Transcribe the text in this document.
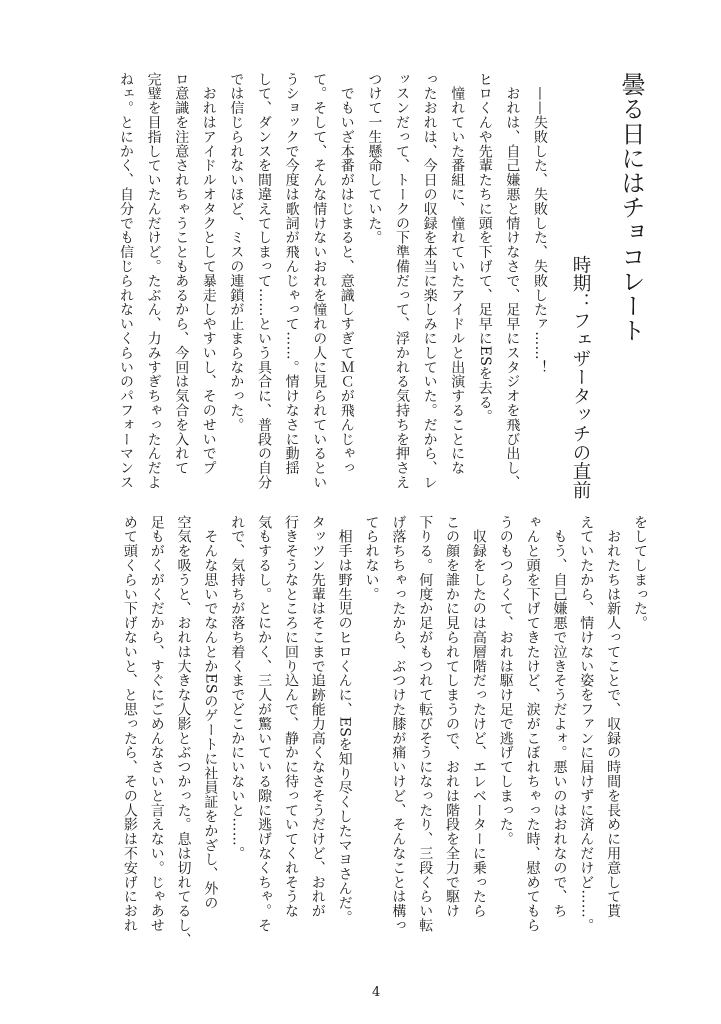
曇る日にはチョコレート
時期：フェザータッチの直前
　——失敗した、失敗した、失敗したァ……！
　おれは、自己嫌悪と情けなさで、足早にスタジオを飛び出し、
ヒロくんや先輩たちに頭を下げて、足早にESを去る。
　憧れていた番組に、憧れていたアイドルと出演することにな
ったおれは、今日の収録を本当に楽しみにしていた。だから、レ
ッスンだって、トークの下準備だって、浮かれる気持ちを押さえ
つけて一生懸命していた。
　でもいざ本番がはじまると、意識しすぎてＭＣが飛んじゃっ
て。そして、そんな情けないおれを憧れの人に見られているとい
うショックで今度は歌詞が飛んじゃって……。情けなさに動揺
して、ダンスを間違えてしまって……という具合に、普段の自分
では信じられないほど、ミスの連鎖が止まらなかった。
　おれはアイドルオタクとして暴走しやすいし、そのせいでプ
ロ意識を注意されちゃうこともあるから、今回は気合を入れて
完璧を目指していたんだけど。たぶん、力みすぎちゃったんだよ
ねェ。とにかく、自分でも信じられないくらいのパフォーマンス
をしてしまった。
　おれたちは新人ってことで、収録の時間を長めに用意して貰
えていたから、情けない姿をファンに届けずに済んだけど……。
　もう、自己嫌悪で泣きそうだよォ。悪いのはおれなので、ち
ゃんと頭を下げてきたけど、涙がこぼれちゃった時、慰めてもら
うのもつらくて、おれは駆け足で逃げてしまった。
　収録をしたのは高層階だったけど、エレベーターに乗ったら
この顔を誰かに見られてしまうので、おれは階段を全力で駆け
下りる。何度か足がもつれて転びそうになったり、三段くらい転
げ落ちちゃったから、ぶつけた膝が痛いけど、そんなことは構っ
てられない。
　相手は野生児のヒロくんに、ESを知り尽くしたマヨさんだ。
タッツン先輩はそこまで追跡能力高くなさそうだけど、おれが
行きそうなところに回り込んで、静かに待っていてくれそうな
気もするし。とにかく、三人が驚いている隙に逃げなくちゃ。そ
れで、気持ちが落ち着くまでどこかにいないと……。
　そんな思いでなんとかESのゲートに社員証をかざし、外の
空気を吸うと、おれは大きな人影とぶつかった。息は切れてるし、
足もがくがくだから、すぐにごめんなさいと言えない。じゃあせ
めて頭くらい下げないと、と思ったら、その人影は不安げにおれ
4
